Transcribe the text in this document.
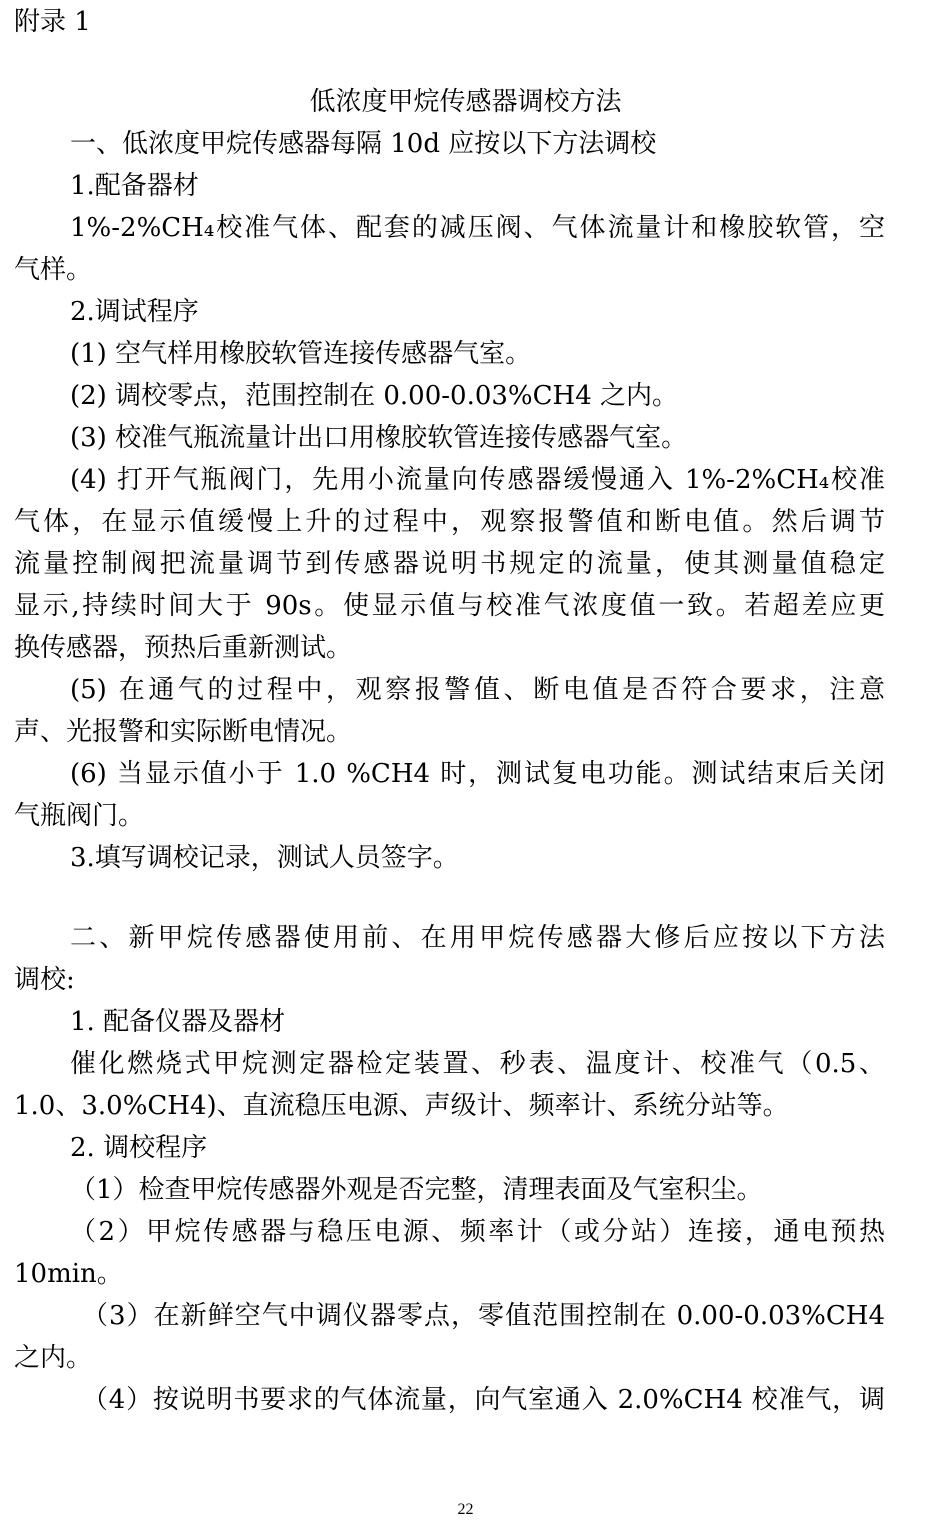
附录 1
低浓度甲烷传感器调校方法
一、低浓度甲烷传感器每隔 10d 应按以下方法调校
1.配备器材
1%-2%CH₄校准气体、配套的减压阀、气体流量计和橡胶软管，空
气样。
2.调试程序
(1) 空气样用橡胶软管连接传感器气室。
(2) 调校零点，范围控制在 0.00-0.03%CH4 之内。
(3) 校准气瓶流量计出口用橡胶软管连接传感器气室。
(4) 打开气瓶阀门，先用小流量向传感器缓慢通入 1%-2%CH₄校准
气体，在显示值缓慢上升的过程中，观察报警值和断电值。然后调节
流量控制阀把流量调节到传感器说明书规定的流量，使其测量值稳定
显示,持续时间大于 90s。使显示值与校准气浓度值一致。若超差应更
换传感器，预热后重新测试。
(5) 在通气的过程中，观察报警值、断电值是否符合要求，注意
声、光报警和实际断电情况。
(6) 当显示值小于 1.0 %CH4 时，测试复电功能。测试结束后关闭
气瓶阀门。
3.填写调校记录，测试人员签字。
二、新甲烷传感器使用前、在用甲烷传感器大修后应按以下方法
调校:
1. 配备仪器及器材
催化燃烧式甲烷测定器检定装置、秒表、温度计、校准气（0.5、
1.0、3.0%CH4)、直流稳压电源、声级计、频率计、系统分站等。
2. 调校程序
（1）检查甲烷传感器外观是否完整，清理表面及气室积尘。
（2）甲烷传感器与稳压电源、频率计（或分站）连接，通电预热
10min。
（3）在新鲜空气中调仪器零点，零值范围控制在 0.00-0.03%CH4
之内。
（4）按说明书要求的气体流量，向气室通入 2.0%CH4 校准气，调
22
